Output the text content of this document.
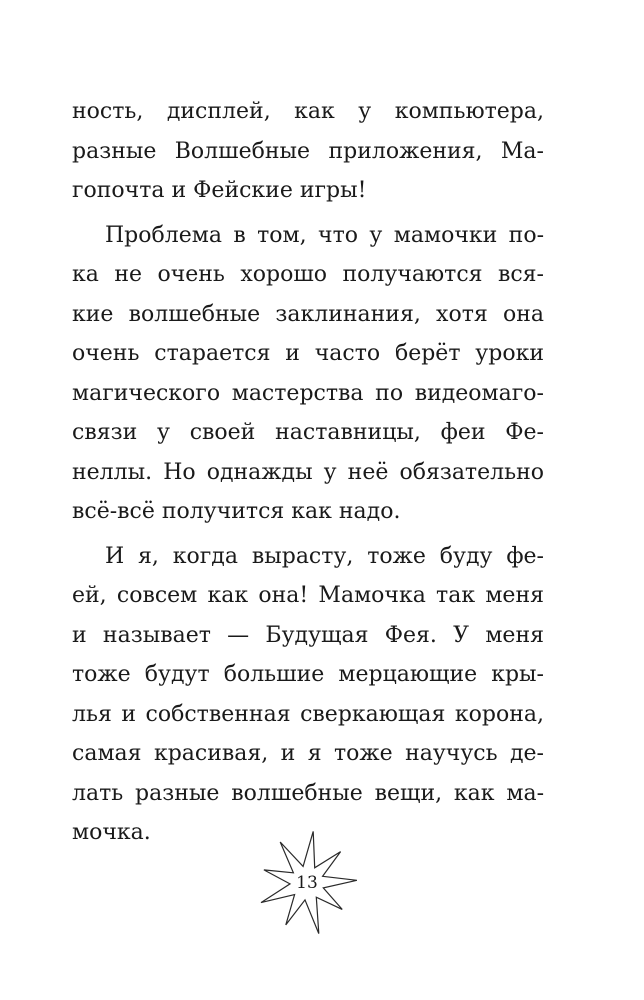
ность, дисплей, как у компьютера,
разные Волшебные приложения, Ма-
гопочта и Фейские игры!
Проблема в том, что у мамочки по-
ка не очень хорошо получаются вся-
кие волшебные заклинания, хотя она
очень старается и часто берёт уроки
магического мастерства по видеомаго-
связи у своей наставницы, феи Фе-
неллы. Но однажды у неё обязательно
всё-всё получится как надо.
И я, когда вырасту, тоже буду фе-
ей, совсем как она! Мамочка так меня
и называет — Будущая Фея. У меня
тоже будут большие мерцающие кры-
лья и собственная сверкающая корона,
самая красивая, и я тоже научусь де-
лать разные волшебные вещи, как ма-
мочка.
13
